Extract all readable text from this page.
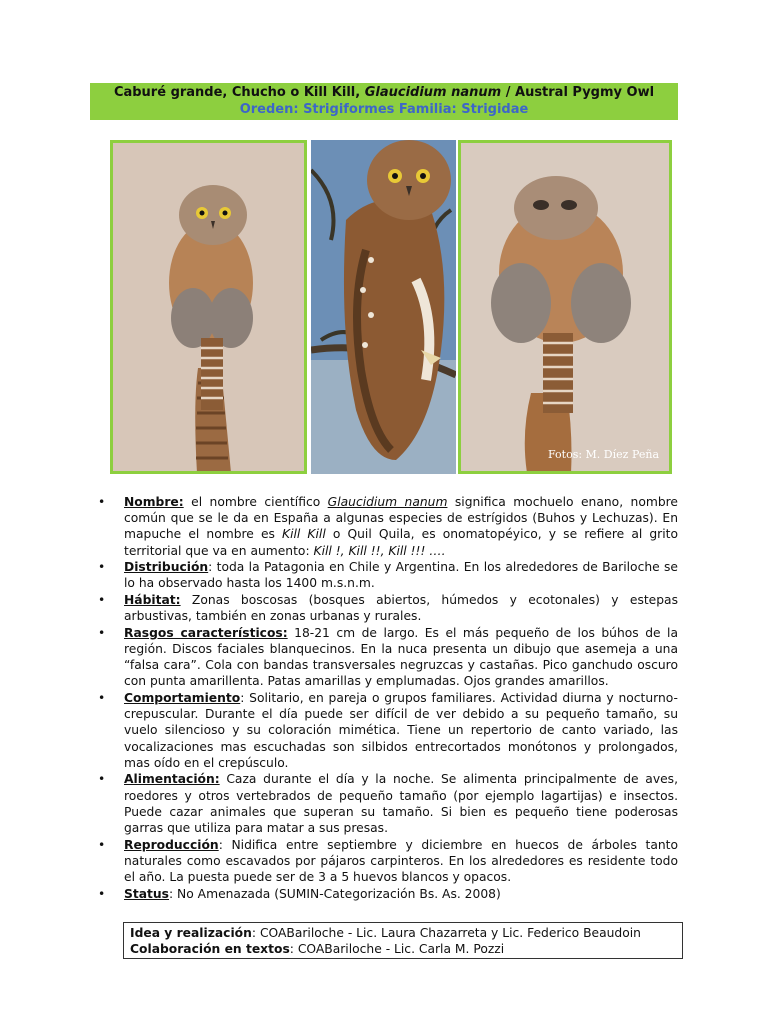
Caburé grande, Chucho o Kill Kill, Glaucidium nanum / Austral Pygmy Owl
Oreden: Strigiformes Familia: Strigidae
Fotos: M. Díez Peña
• Nombre: el nombre científico Glaucidium nanum significa mochuelo enano, nombre común que se le da en España a algunas especies de estrígidos (Buhos y Lechuzas). En mapuche el nombre es Kill Kill o Quil Quila, es onomatopéyico, y se refiere al grito territorial que va en aumento: Kill !, Kill !!, Kill !!! ….
• Distribución: toda la Patagonia en Chile y Argentina. En los alrededores de Bariloche se lo ha observado hasta los 1400 m.s.n.m.
• Hábitat: Zonas boscosas (bosques abiertos, húmedos y ecotonales) y estepas arbustivas, también en zonas urbanas y rurales.
• Rasgos característicos: 18-21 cm de largo. Es el más pequeño de los búhos de la región. Discos faciales blanquecinos. En la nuca presenta un dibujo que asemeja a una “falsa cara”. Cola con bandas transversales negruzcas y castañas. Pico ganchudo oscuro con punta amarillenta. Patas amarillas y emplumadas. Ojos grandes amarillos.
• Comportamiento: Solitario, en pareja o grupos familiares. Actividad diurna y nocturno-crepuscular. Durante el día puede ser difícil de ver debido a su pequeño tamaño, su vuelo silencioso y su coloración mimética. Tiene un repertorio de canto variado, las vocalizaciones mas escuchadas son silbidos entrecortados monótonos y prolongados, mas oído en el crepúsculo.
• Alimentación: Caza durante el día y la noche. Se alimenta principalmente de aves, roedores y otros vertebrados de pequeño tamaño (por ejemplo lagartijas) e insectos. Puede cazar animales que superan su tamaño. Si bien es pequeño tiene poderosas garras que utiliza para matar a sus presas.
• Reproducción: Nidifica entre septiembre y diciembre en huecos de árboles tanto naturales como escavados por pájaros carpinteros. En los alrededores es residente todo el año. La puesta puede ser de 3 a 5 huevos blancos y opacos.
• Status: No Amenazada (SUMIN-Categorización Bs. As. 2008)
Idea y realización: COABariloche - Lic. Laura Chazarreta y Lic. Federico Beaudoin
Colaboración en textos: COABariloche - Lic. Carla M. Pozzi
